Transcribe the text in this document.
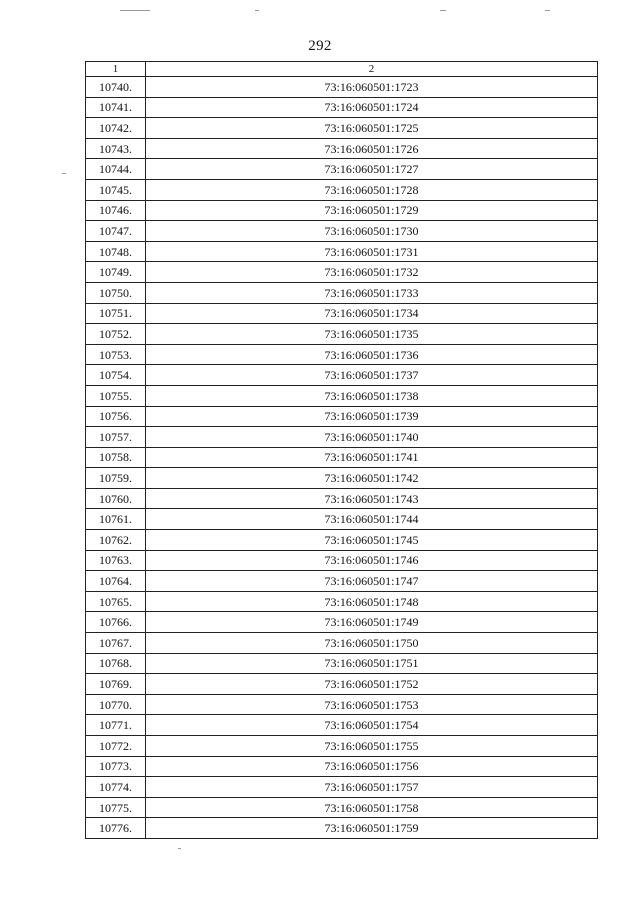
292
1	2
10740.	73:16:060501:1723
10741.	73:16:060501:1724
10742.	73:16:060501:1725
10743.	73:16:060501:1726
10744.	73:16:060501:1727
10745.	73:16:060501:1728
10746.	73:16:060501:1729
10747.	73:16:060501:1730
10748.	73:16:060501:1731
10749.	73:16:060501:1732
10750.	73:16:060501:1733
10751.	73:16:060501:1734
10752.	73:16:060501:1735
10753.	73:16:060501:1736
10754.	73:16:060501:1737
10755.	73:16:060501:1738
10756.	73:16:060501:1739
10757.	73:16:060501:1740
10758.	73:16:060501:1741
10759.	73:16:060501:1742
10760.	73:16:060501:1743
10761.	73:16:060501:1744
10762.	73:16:060501:1745
10763.	73:16:060501:1746
10764.	73:16:060501:1747
10765.	73:16:060501:1748
10766.	73:16:060501:1749
10767.	73:16:060501:1750
10768.	73:16:060501:1751
10769.	73:16:060501:1752
10770.	73:16:060501:1753
10771.	73:16:060501:1754
10772.	73:16:060501:1755
10773.	73:16:060501:1756
10774.	73:16:060501:1757
10775.	73:16:060501:1758
10776.	73:16:060501:1759
